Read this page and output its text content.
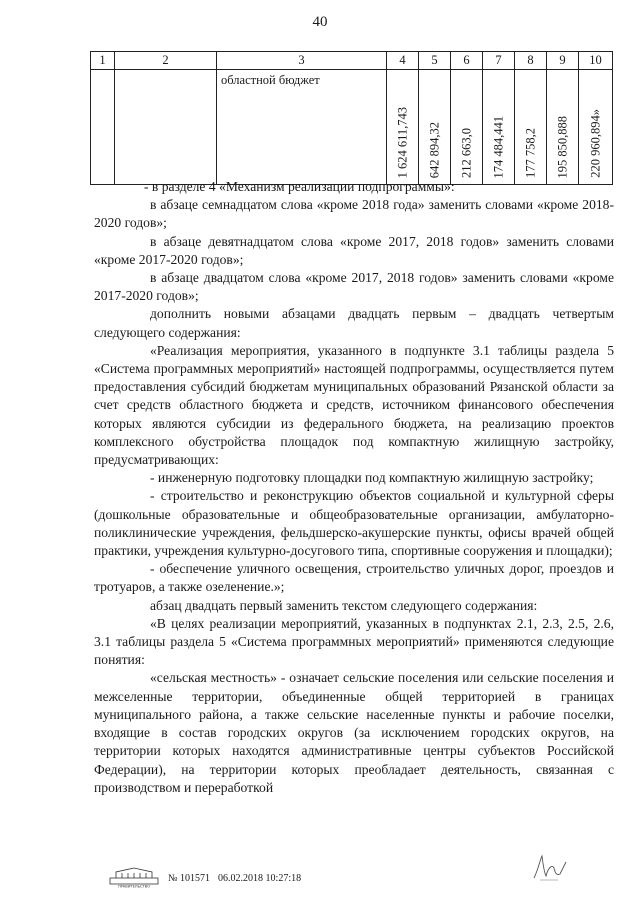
40
1	2	3	4	5	6	7	8	9	10
		областной бюджет	1 624 611,743	642 894,32	212 663,0	174 484,441	177 758,2	195 850,888	220 960,894»

- в разделе 4 «Механизм реализации подпрограммы»:

в абзаце семнадцатом слова «кроме 2018 года» заменить словами «кроме 2018-2020 годов»;

в абзаце девятнадцатом слова «кроме 2017, 2018 годов» заменить словами «кроме 2017-2020 годов»;

в абзаце двадцатом слова «кроме 2017, 2018 годов» заменить словами «кроме 2017-2020 годов»;

дополнить новыми абзацами двадцать первым – двадцать четвертым следующего содержания:

«Реализация мероприятия, указанного в подпункте 3.1 таблицы раздела 5 «Система программных мероприятий» настоящей подпрограммы, осуществляется путем предоставления субсидий бюджетам муниципальных образований Рязанской области за счет средств областного бюджета и средств, источником финансового обеспечения которых являются субсидии из федерального бюджета, на реализацию проектов комплексного обустройства площадок под компактную жилищную застройку, предусматривающих:

- инженерную подготовку площадки под компактную жилищную застройку;

- строительство и реконструкцию объектов социальной и культурной сферы (дошкольные образовательные и общеобразовательные организации, амбулаторно-поликлинические учреждения, фельдшерско-акушерские пункты, офисы врачей общей практики, учреждения культурно-досугового типа, спортивные сооружения и площадки);

- обеспечение уличного освещения, строительство уличных дорог, проездов и тротуаров, а также озеленение.»;

абзац двадцать первый заменить текстом следующего содержания:

«В целях реализации мероприятий, указанных в подпунктах 2.1, 2.3, 2.5, 2.6, 3.1 таблицы раздела 5 «Система программных мероприятий» применяются следующие понятия:

«сельская местность» - означает сельские поселения или сельские поселения и межселенные территории, объединенные общей территорией в границах муниципального района, а также сельские населенные пункты и рабочие поселки, входящие в состав городских округов (за исключением городских округов, на территории которых находятся административные центры субъектов Российской Федерации), на территории которых преобладает деятельность, связанная с производством и переработкой

ПРАВИТЕЛЬСТВО
№ 101571 06.02.2018 10:27:18
